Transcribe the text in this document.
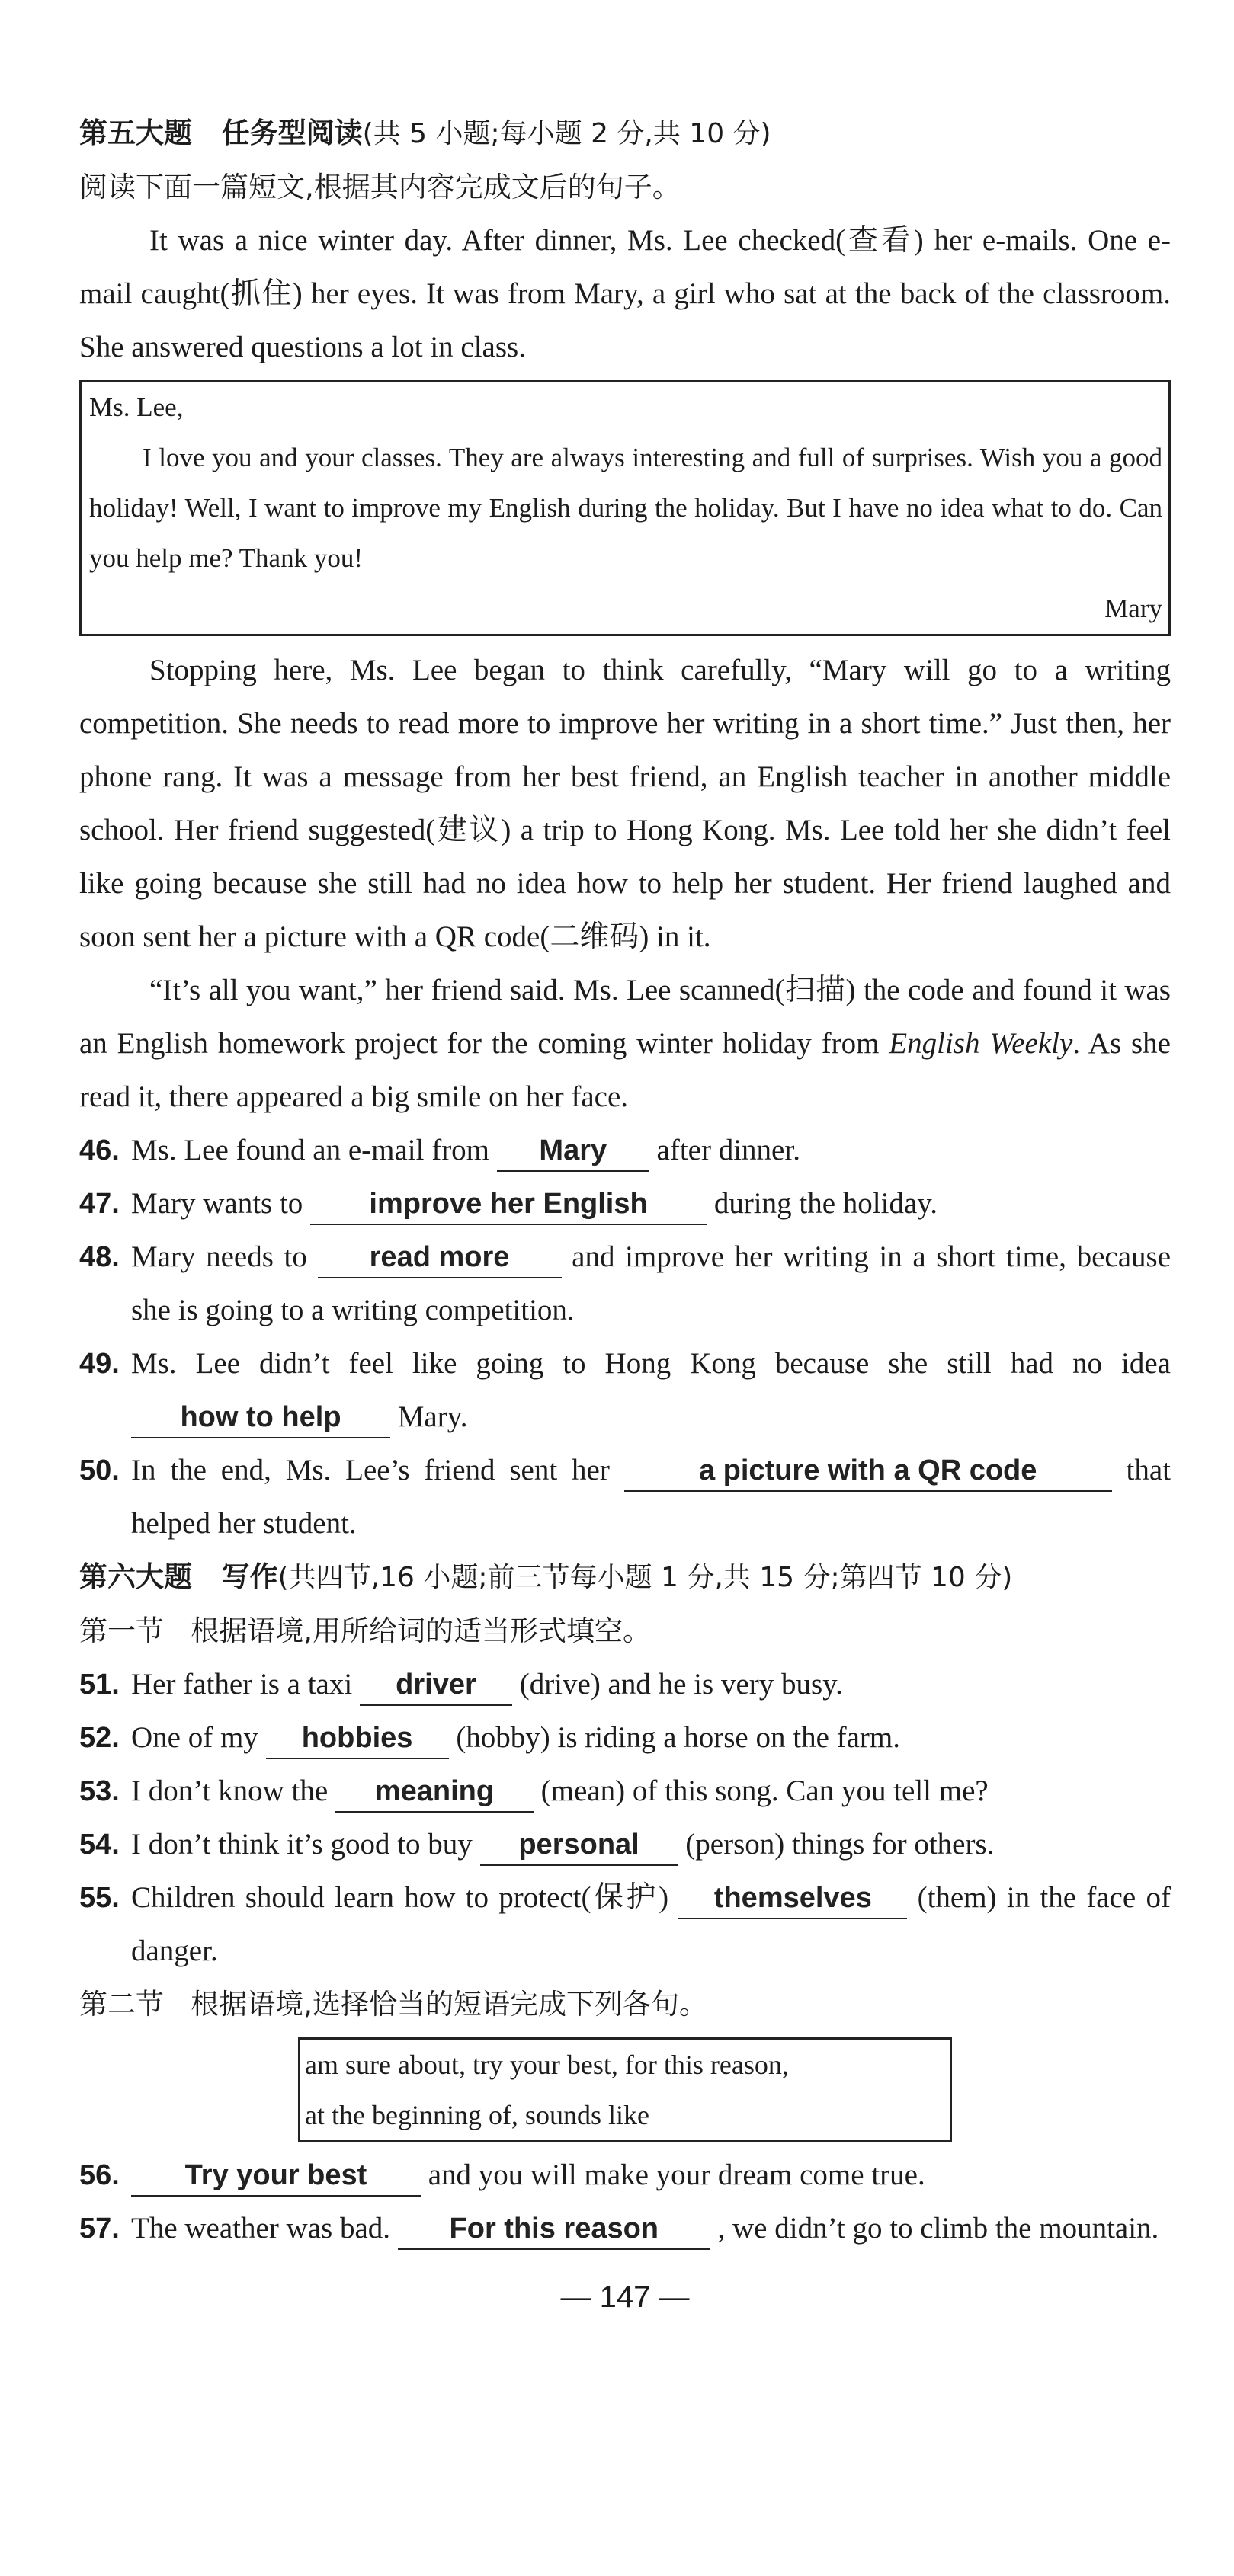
第五大题 任务型阅读(共 5 小题;每小题 2 分,共 10 分)
阅读下面一篇短文,根据其内容完成文后的句子。

It was a nice winter day. After dinner, Ms. Lee checked(查看) her e-mails. One e-mail caught(抓住) her eyes. It was from Mary, a girl who sat at the back of the classroom. She answered questions a lot in class.

Ms. Lee,

I love you and your classes. They are always interesting and full of surprises. Wish you a good holiday! Well, I want to improve my English during the holiday. But I have no idea what to do. Can you help me? Thank you!

Mary

Stopping here, Ms. Lee began to think carefully, “Mary will go to a writing competition. She needs to read more to improve her writing in a short time.” Just then, her phone rang. It was a message from her best friend, an English teacher in another middle school. Her friend suggested(建议) a trip to Hong Kong. Ms. Lee told her she didn’t feel like going because she still had no idea how to help her student. Her friend laughed and soon sent her a picture with a QR code(二维码) in it.

“It’s all you want,” her friend said. Ms. Lee scanned(扫描) the code and found it was an English homework project for the coming winter holiday from English Weekly. As she read it, there appeared a big smile on her face.

46. Ms. Lee found an e-mail from Mary after dinner.
47. Mary wants to improve her English during the holiday.
48. Mary needs to read more and improve her writing in a short time, because she is going to a writing competition.
49. Ms. Lee didn’t feel like going to Hong Kong because she still had no idea how to help Mary.
50. In the end, Ms. Lee’s friend sent her	a picture with a QR code	that helped her student.
第六大题 写作(共四节,16 小题;前三节每小题 1 分,共 15 分;第四节 10 分)
第一节 根据语境,用所给词的适当形式填空。
51. Her father is a taxi driver (drive) and he is very busy.
52. One of my hobbies (hobby) is riding a horse on the farm.
53. I don’t know the meaning (mean) of this song. Can you tell me?
54. I don’t think it’s good to buy personal (person) things for others.
55. Children should learn how to protect(保护) themselves (them) in the face of danger.
第二节 根据语境,选择恰当的短语完成下列各句。
am sure about, try your best, for this reason,
at the beginning of, sounds like
56.	Try your best and you will make your dream come true.
57. The weather was bad. For this reason , we didn’t go to climb the mountain.
— 147 —
